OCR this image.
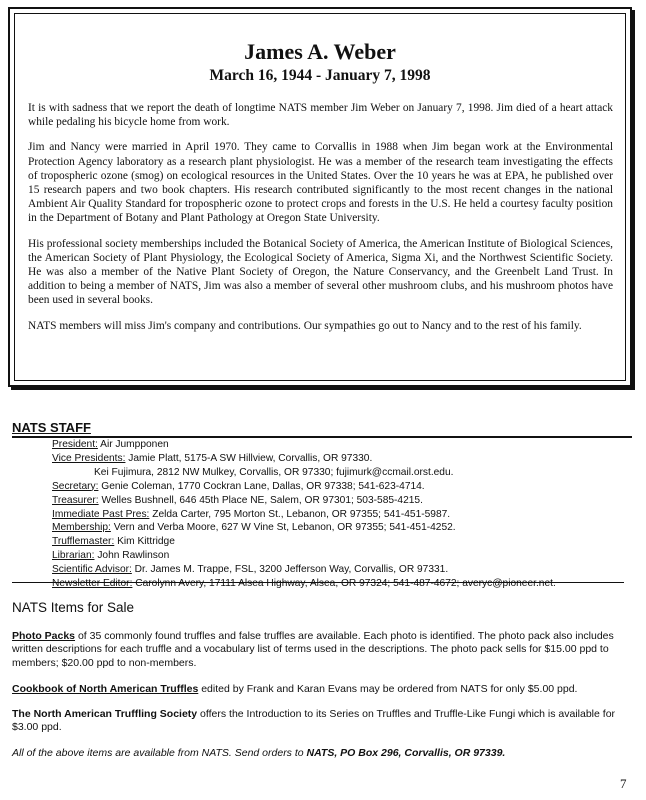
James A. Weber
March 16, 1944 - January 7, 1998

It is with sadness that we report the death of longtime NATS member Jim Weber on January 7, 1998. Jim died of a heart attack while pedaling his bicycle home from work.

Jim and Nancy were married in April 1970. They came to Corvallis in 1988 when Jim began work at the Environmental Protection Agency laboratory as a research plant physiologist. He was a member of the research team investigating the effects of tropospheric ozone (smog) on ecological resources in the United States. Over the 10 years he was at EPA, he published over 15 research papers and two book chapters. His research contributed significantly to the most recent changes in the national Ambient Air Quality Standard for tropospheric ozone to protect crops and forests in the U.S. He held a courtesy faculty position in the Department of Botany and Plant Pathology at Oregon State University.

His professional society memberships included the Botanical Society of America, the American Institute of Biological Sciences, the American Society of Plant Physiology, the Ecological Society of America, Sigma Xi, and the Northwest Scientific Society. He was also a member of the Native Plant Society of Oregon, the Nature Conservancy, and the Greenbelt Land Trust. In addition to being a member of NATS, Jim was also a member of several other mushroom clubs, and his mushroom photos have been used in several books.

NATS members will miss Jim's company and contributions. Our sympathies go out to Nancy and to the rest of his family.

NATS STAFF
President: Air Jumpponen
Vice Presidents: Jamie Platt, 5175-A SW Hillview, Corvallis, OR 97330.
Kei Fujimura, 2812 NW Mulkey, Corvallis, OR 97330; fujimurk@ccmail.orst.edu.
Secretary: Genie Coleman, 1770 Cockran Lane, Dallas, OR 97338; 541-623-4714.
Treasurer: Welles Bushnell, 646 45th Place NE, Salem, OR 97301; 503-585-4215.
Immediate Past Pres: Zelda Carter, 795 Morton St., Lebanon, OR 97355; 541-451-5987.
Membership: Vern and Verba Moore, 627 W Vine St, Lebanon, OR 97355; 541-451-4252.
Trufflemaster: Kim Kittridge
Librarian: John Rawlinson
Scientific Advisor: Dr. James M. Trappe, FSL, 3200 Jefferson Way, Corvallis, OR 97331.
Newsletter Editor: Carolynn Avery, 17111 Alsea Highway, Alsea, OR 97324; 541-487-4672; averyc@pioneer.net.
NATS Items for Sale

Photo Packs of 35 commonly found truffles and false truffles are available. Each photo is identified. The photo pack also includes written descriptions for each truffle and a vocabulary list of terms used in the descriptions. The photo pack sells for $15.00 ppd to members; $20.00 ppd to non-members.

Cookbook of North American Truffles edited by Frank and Karan Evans may be ordered from NATS for only $5.00 ppd.

The North American Truffling Society offers the Introduction to its Series on Truffles and Truffle-Like Fungi which is available for $3.00 ppd.

All of the above items are available from NATS. Send orders to NATS, PO Box 296, Corvallis, OR 97339.

7
